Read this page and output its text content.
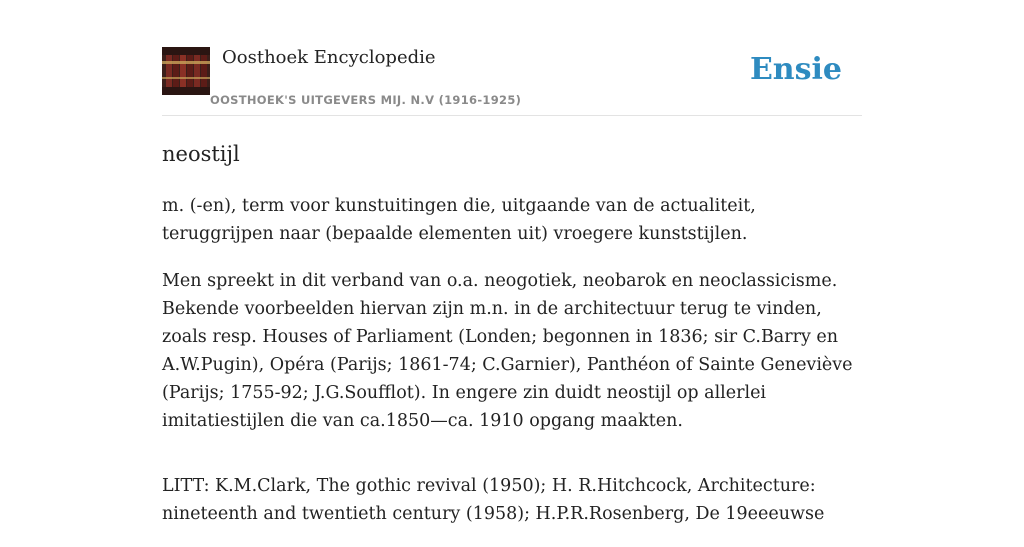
Oosthoek Encyclopedie
OOSTHOEK'S UITGEVERS MIJ. N.V (1916-1925)
Ensie
neostijl

m. (-en), term voor kunstuitingen die, uitgaande van de actualiteit, teruggrijpen naar (bepaalde elementen uit) vroegere kunststijlen.

Men spreekt in dit verband van o.a. neogotiek, neobarok en neoclassicisme. Bekende voorbeelden hiervan zijn m.n. in de architectuur terug te vinden, zoals resp. Houses of Parliament (Londen; begonnen in 1836; sir C.Barry en A.W.Pugin), Opéra (Parijs; 1861-74; C.Garnier), Panthéon of Sainte Geneviève (Parijs; 1755-92; J.G.Soufflot). In engere zin duidt neostijl op allerlei imitatiestijlen die van ca.1850—ca. 1910 opgang maakten.

LITT: K.M.Clark, The gothic revival (1950); H. R.Hitchcock, Architecture: nineteenth and twentieth century (1958); H.P.R.Rosenberg, De 19eeeuwse
